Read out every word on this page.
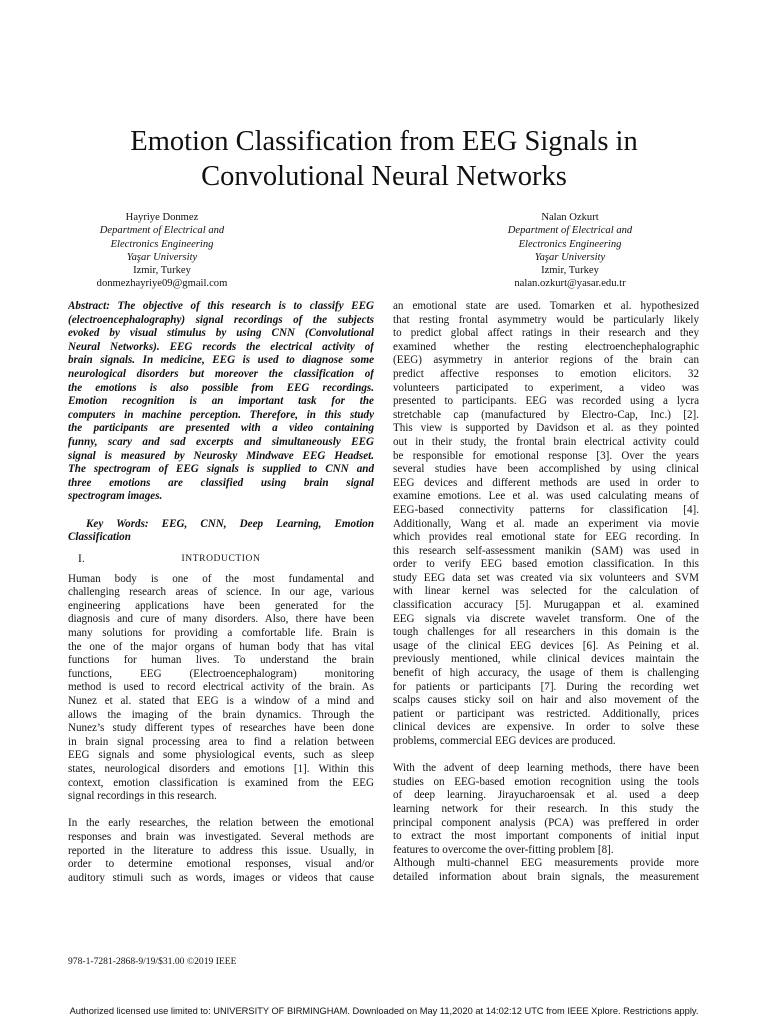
Emotion Classification from EEG Signals in
Convolutional Neural Networks
Hayriye Donmez
Department of Electrical and
Electronics Engineering
Yaşar University
Izmir, Turkey
donmezhayriye09@gmail.com
Nalan Ozkurt
Department of Electrical and
Electronics Engineering
Yaşar University
Izmir, Turkey
nalan.ozkurt@yasar.edu.tr
Abstract: The objective of this research is to classify EEG
(electroencephalography) signal recordings of the subjects
evoked by visual stimulus by using CNN (Convolutional
Neural Networks). EEG records the electrical activity of
brain signals. In medicine, EEG is used to diagnose some
neurological disorders but moreover the classification of
the emotions is also possible from EEG recordings.
Emotion recognition is an important task for the
computers in machine perception. Therefore, in this study
the participants are presented with a video containing
funny, scary and sad excerpts and simultaneously EEG
signal is measured by Neurosky Mindwave EEG Headset.
The spectrogram of EEG signals is supplied to CNN and
three emotions are classified using brain signal
spectrogram images.
Key Words: EEG, CNN, Deep Learning, Emotion
Classification
I.	INTRODUCTION
Human body is one of the most fundamental and
challenging research areas of science. In our age, various
engineering applications have been generated for the
diagnosis and cure of many disorders. Also, there have been
many solutions for providing a comfortable life. Brain is
the one of the major organs of human body that has vital
functions for human lives. To understand the brain
functions, EEG (Electroencephalogram) monitoring
method is used to record electrical activity of the brain. As
Nunez et al. stated that EEG is a window of a mind and
allows the imaging of the brain dynamics. Through the
Nunez’s study different types of researches have been done
in brain signal processing area to find a relation between
EEG signals and some physiological events, such as sleep
states, neurological disorders and emotions [1]. Within this
context, emotion classification is examined from the EEG
signal recordings in this research.
In the early researches, the relation between the emotional
responses and brain was investigated. Several methods are
reported in the literature to address this issue. Usually, in
order to determine emotional responses, visual and/or
auditory stimuli such as words, images or videos that cause
an emotional state are used. Tomarken et al. hypothesized
that resting frontal asymmetry would be particularly likely
to predict global affect ratings in their research and they
examined whether the resting electroenchephalographic
(EEG) asymmetry in anterior regions of the brain can
predict affective responses to emotion elicitors. 32
volunteers participated to experiment, a video was
presented to participants. EEG was recorded using a lycra
stretchable cap (manufactured by Electro-Cap, Inc.) [2].
This view is supported by Davidson et al. as they pointed
out in their study, the frontal brain electrical activity could
be responsible for emotional response [3]. Over the years
several studies have been accomplished by using clinical
EEG devices and different methods are used in order to
examine emotions. Lee et al. was used calculating means of
EEG-based connectivity patterns for classification [4].
Additionally, Wang et al. made an experiment via movie
which provides real emotional state for EEG recording. In
this research self-assessment manikin (SAM) was used in
order to verify EEG based emotion classification. In this
study EEG data set was created via six volunteers and SVM
with linear kernel was selected for the calculation of
classification accuracy [5]. Murugappan et al. examined
EEG signals via discrete wavelet transform. One of the
tough challenges for all researchers in this domain is the
usage of the clinical EEG devices [6]. As Peining et al.
previously mentioned, while clinical devices maintain the
benefit of high accuracy, the usage of them is challenging
for patients or participants [7]. During the recording wet
scalps causes sticky soil on hair and also movement of the
patient or participant was restricted. Additionally, prices
clinical devices are expensive. In order to solve these
problems, commercial EEG devices are produced.
With the advent of deep learning methods, there have been
studies on EEG-based emotion recognition using the tools
of deep learning. Jirayucharoensak et al. used a deep
learning network for their research. In this study the
principal component analysis (PCA) was preffered in order
to extract the most important components of initial input
features to overcome the over-fitting problem [8].
Although multi-channel EEG measurements provide more
detailed information about brain signals, the measurement
978-1-7281-2868-9/19/$31.00 ©2019 IEEE
Authorized licensed use limited to: UNIVERSITY OF BIRMINGHAM. Downloaded on May 11,2020 at 14:02:12 UTC from IEEE Xplore. Restrictions apply.
